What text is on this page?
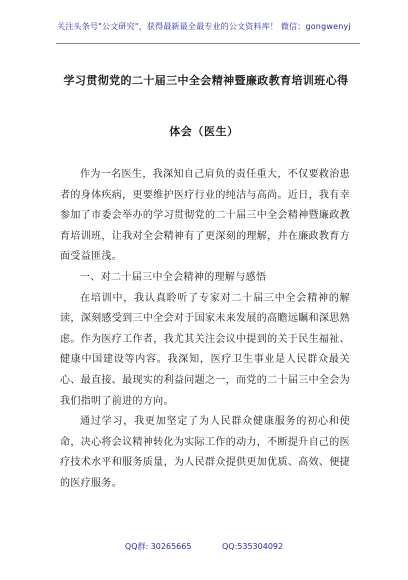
关注头条号"公文研究"，获得最新最全最专业的公文资料库！ 微信：gongwenyj
学习贯彻党的二十届三中全会精神暨廉政教育培训班心得
体会（医生）

作为一名医生，我深知自己肩负的责任重大，不仅要救治患者的身体疾病，更要维护医疗行业的纯洁与高尚。近日，我有幸参加了市委会举办的学习贯彻党的二十届三中全会精神暨廉政教育培训班，让我对全会精神有了更深刻的理解，并在廉政教育方面受益匪浅。

一、对二十届三中全会精神的理解与感悟

在培训中，我认真聆听了专家对二十届三中全会精神的解读，深刻感受到三中全会对于国家未来发展的高瞻远瞩和深思熟虑。作为医疗工作者，我尤其关注会议中提到的关于民生福祉、健康中国建设等内容。我深知，医疗卫生事业是人民群众最关心、最直接、最现实的利益问题之一，而党的二十届三中全会为我们指明了前进的方向。

通过学习，我更加坚定了为人民群众健康服务的初心和使命，决心将会议精神转化为实际工作的动力，不断提升自己的医疗技术水平和服务质量，为人民群众提供更加优质、高效、便捷的医疗服务。

QQ群: 30265665	QQ:535304092
